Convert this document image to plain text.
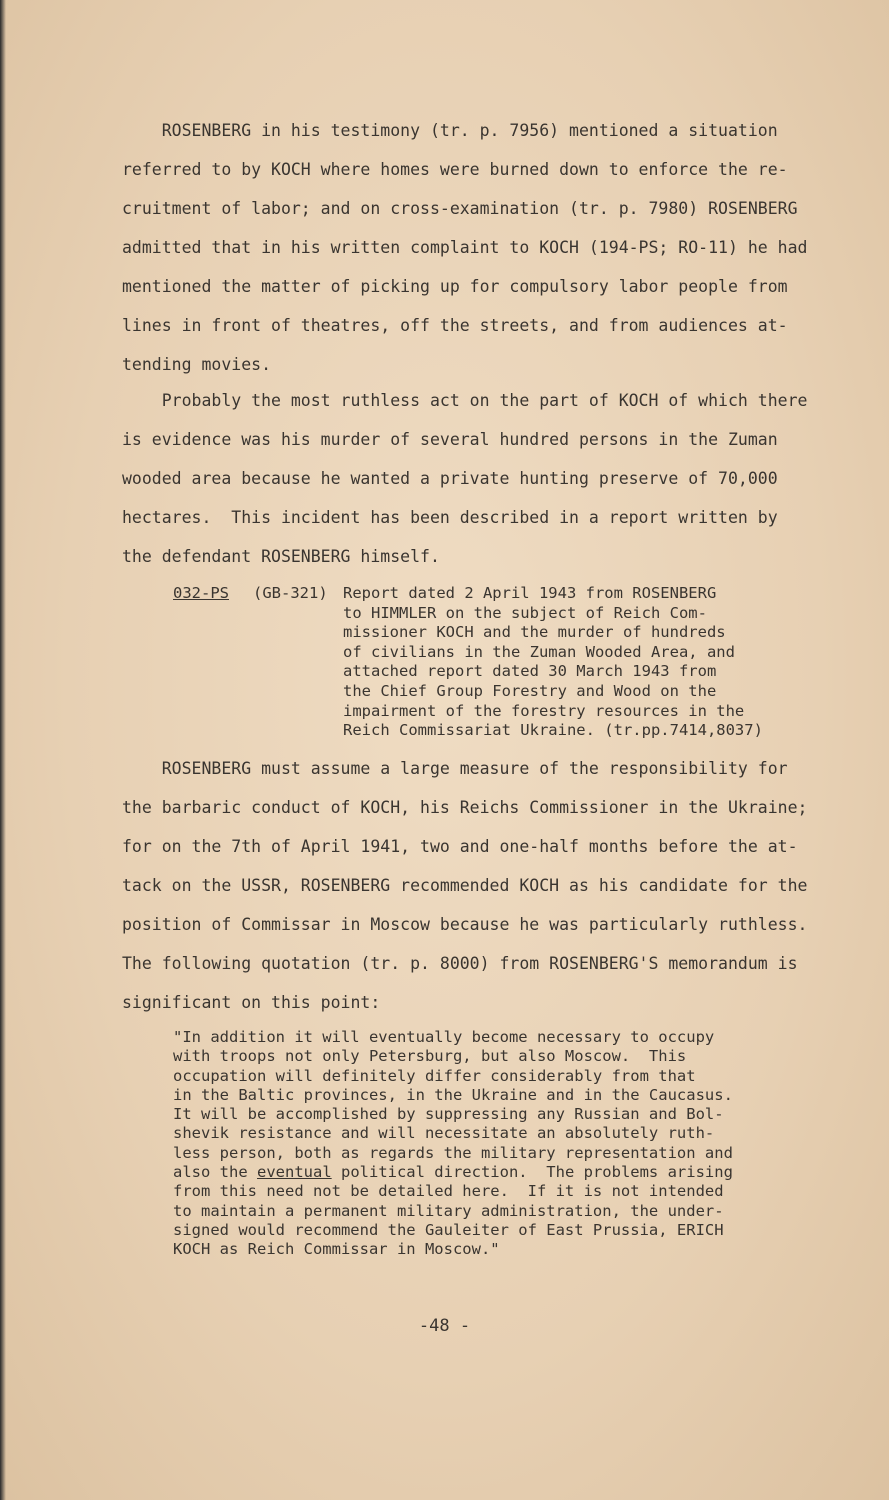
ROSENBERG in his testimony (tr. p. 7956) mentioned a situation
referred to by KOCH where homes were burned down to enforce the re-
cruitment of labor; and on cross-examination (tr. p. 7980) ROSENBERG
admitted that in his written complaint to KOCH (194-PS; RO-11) he had
mentioned the matter of picking up for compulsory labor people from
lines in front of theatres, off the streets, and from audiences at-
tending movies.
Probably the most ruthless act on the part of KOCH of which there
is evidence was his murder of several hundred persons in the Zuman
wooded area because he wanted a private hunting preserve of 70,000
hectares.  This incident has been described in a report written by
the defendant ROSENBERG himself.
032-PS (GB-321) Report dated 2 April 1943 from ROSENBERG
to HIMMLER on the subject of Reich Com-
missioner KOCH and the murder of hundreds
of civilians in the Zuman Wooded Area, and
attached report dated 30 March 1943 from
the Chief Group Forestry and Wood on the
impairment of the forestry resources in the
Reich Commissariat Ukraine. (tr.pp.7414,8037)
ROSENBERG must assume a large measure of the responsibility for
the barbaric conduct of KOCH, his Reichs Commissioner in the Ukraine;
for on the 7th of April 1941, two and one-half months before the at-
tack on the USSR, ROSENBERG recommended KOCH as his candidate for the
position of Commissar in Moscow because he was particularly ruthless.
The following quotation (tr. p. 8000) from ROSENBERG'S memorandum is
significant on this point:
"In addition it will eventually become necessary to occupy
with troops not only Petersburg, but also Moscow.  This
occupation will definitely differ considerably from that
in the Baltic provinces, in the Ukraine and in the Caucasus.
It will be accomplished by suppressing any Russian and Bol-
shevik resistance and will necessitate an absolutely ruth-
less person, both as regards the military representation and
also the eventual political direction.  The problems arising
from this need not be detailed here.  If it is not intended
to maintain a permanent military administration, the under-
signed would recommend the Gauleiter of East Prussia, ERICH
KOCH as Reich Commissar in Moscow."
-48 -
